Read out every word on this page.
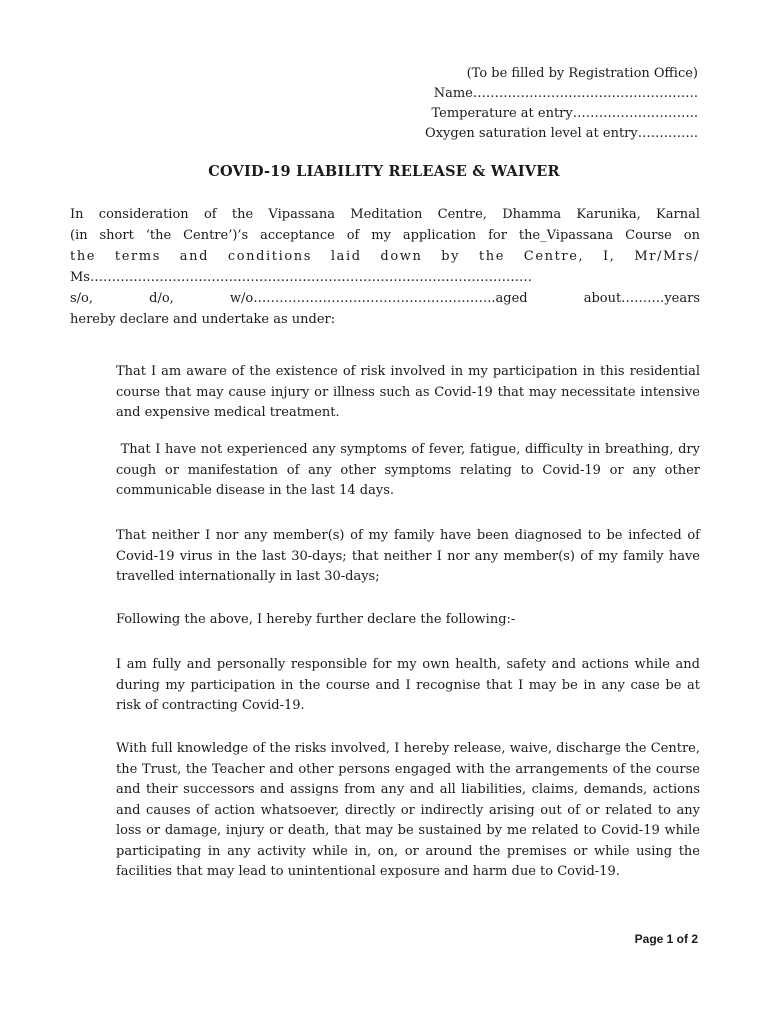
(To be filled by Registration Office)
Name…………………………………………….
Temperature at entry………………………..
Oxygen saturation level at entry…………..
COVID-19 LIABILITY RELEASE & WAIVER
In consideration of the Vipassana Meditation Centre, Dhamma Karunika, Karnal
(in short ‘the Centre’)’s acceptance of my application for the_Vipassana Course on
the terms and conditions laid down by the Centre, I, Mr/Mrs/
Ms…………………………………………………………………………………………
s/o, d/o, w/o………………………………………………..aged about……….years
hereby declare and undertake as under:
That I am aware of the existence of risk involved in my participation in this residential course that may cause injury or illness such as Covid-19 that may necessitate intensive and expensive medical treatment.
That I have not experienced any symptoms of fever, fatigue, difficulty in breathing, dry cough or manifestation of any other symptoms relating to Covid-19 or any other communicable disease in the last 14 days.
That neither I nor any member(s) of my family have been diagnosed to be infected of Covid-19 virus in the last 30-days; that neither I nor any member(s) of my family have travelled internationally in last 30-days;
Following the above, I hereby further declare the following:-
I am fully and personally responsible for my own health, safety and actions while and during my participation in the course and I recognise that I may be in any case be at risk of contracting Covid-19.
With full knowledge of the risks involved, I hereby release, waive, discharge the Centre, the Trust, the Teacher and other persons engaged with the arrangements of the course and their successors and assigns from any and all liabilities, claims, demands, actions and causes of action whatsoever, directly or indirectly arising out of or related to any loss or damage, injury or death, that may be sustained by me related to Covid-19 while participating in any activity while in, on, or around the premises or while using the facilities that may lead to unintentional exposure and harm due to Covid-19.
Page 1 of 2
